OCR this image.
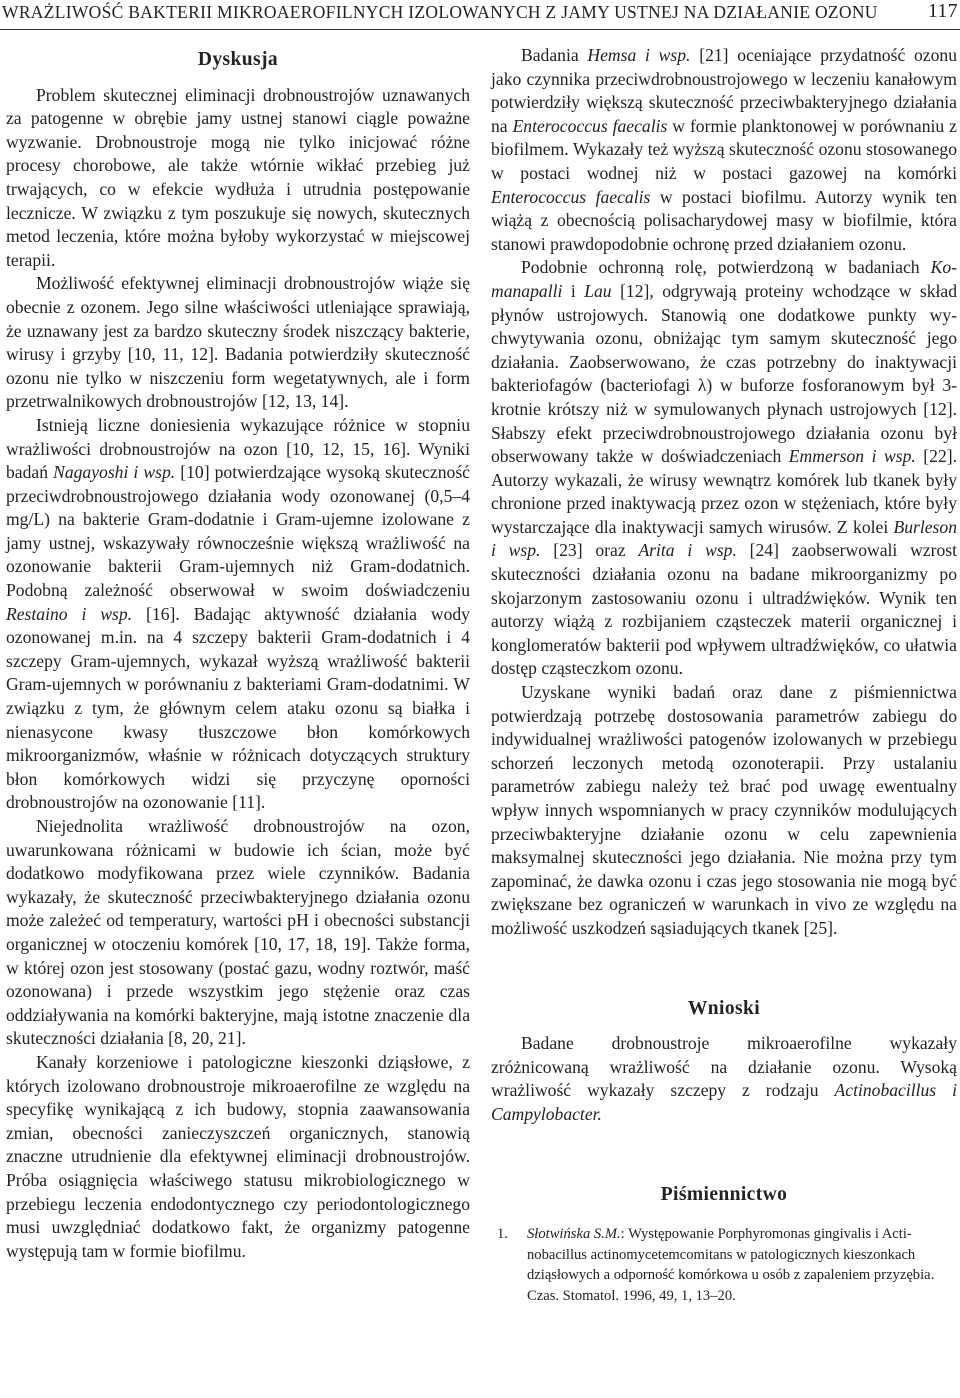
WRAŻLIWOŚĆ BAKTERII MIKROAEROFILNYCH IZOLOWANYCH Z JAMY USTNEJ NA DZIAŁANIE OZONU	117
Dyskusja

Problem skutecznej eliminacji drobnoustrojów uznawanych za patogenne w obrębie jamy ustnej stanowi ciągle poważne wyzwanie. Drobnoustroje mogą nie tylko inicjować różne procesy chorobowe, ale także wtórnie wikłać przebieg już trwających, co w efekcie wydłuża i utrudnia postępowanie lecznicze. W związku z tym poszukuje się nowych, skutecznych metod leczenia, które można byłoby wykorzystać w miejscowej terapii.

Możliwość efektywnej eliminacji drobnoustrojów wiąże się obecnie z ozonem. Jego silne właściwości utleniające sprawiają, że uznawany jest za bardzo skuteczny środek niszczący bakterie, wirusy i grzyby [10, 11, 12]. Badania potwierdziły skuteczność ozonu nie tylko w niszczeniu form wegetatywnych, ale i form przetrwalnikowych drobnoustrojów [12, 13, 14].

Istnieją liczne doniesienia wykazujące różnice w stopniu wrażliwości drobnoustrojów na ozon [10, 12, 15, 16]. Wyniki badań Nagayoshi i wsp. [10] potwierdzające wysoką skuteczność przeciwdrobnoustrojowego działania wody ozonowanej (0,5–4 mg/L) na bakterie Gram-dodatnie i Gram-ujemne izolowane z jamy ustnej, wskazywały równocześnie większą wrażliwość na ozonowanie bakterii Gram-ujemnych niż Gram-dodatnich. Podobną zależność obserwował w swoim doświadczeniu Restaino i wsp. [16]. Badając aktywność działania wody ozonowanej m.in. na 4 szczepy bakterii Gram-dodatnich i 4 szczepy Gram-ujemnych, wykazał wyższą wrażliwość bakterii Gram-ujemnych w porównaniu z bakteriami Gram-dodatnimi. W związku z tym, że głównym celem ataku ozonu są białka i nienasycone kwasy tłuszczowe błon komórkowych mikroorganizmów, właśnie w różnicach dotyczących struktury błon komórkowych widzi się przyczynę oporności drobnoustrojów na ozonowanie [11].

Niejednolita wrażliwość drobnoustrojów na ozon, uwarunkowana różnicami w budowie ich ścian, może być dodatkowo modyfikowana przez wiele czynników. Badania wykazały, że skuteczność przeciwbakteryjnego działania ozonu może zależeć od temperatury, wartości pH i obecności substancji organicznej w otoczeniu komórek [10, 17, 18, 19]. Także forma, w której ozon jest stosowany (postać gazu, wodny roztwór, maść ozonowana) i przede wszystkim jego stężenie oraz czas oddziaływania na komórki bakteryjne, mają istotne znaczenie dla skuteczności działania [8, 20, 21].

Kanały korzeniowe i patologiczne kieszonki dziąsłowe, z których izolowano drobnoustroje mikroaerofilne ze względu na specyfikę wynikającą z ich budowy, stopnia zaawansowania zmian, obecności zanieczyszczeń organicznych, stanowią znaczne utrudnienie dla efektywnej eliminacji drobnoustrojów. Próba osiągnięcia właściwego statusu mikrobiologicznego w przebiegu leczenia endodontycznego czy periodontologicznego musi uwzględniać dodatkowo fakt, że organizmy patogenne występują tam w formie biofilmu.

Badania Hemsa i wsp. [21] oceniające przydatność ozonu jako czynnika przeciwdrobnoustrojowego w leczeniu kanałowym potwierdziły większą skuteczność przeciwbakteryjnego działania na Enterococcus faecalis w formie planktonowej w porównaniu z biofilmem. Wykazały też wyższą skuteczność ozonu stosowanego w postaci wodnej niż w postaci gazowej na komórki Enterococcus faecalis w postaci biofilmu. Autorzy wynik ten wiążą z obecnością polisacharydowej masy w biofilmie, która stanowi prawdopodobnie ochronę przed działaniem ozonu.

Podobnie ochronną rolę, potwierdzoną w badaniach Komanapalli i Lau [12], odgrywają proteiny wchodzące w skład płynów ustrojowych. Stanowią one dodatkowe punkty wychwytywania ozonu, obniżając tym samym skuteczność jego działania. Zaobserwowano, że czas potrzebny do inaktywacji bakteriofagów (bacteriofagi λ) w buforze fosforanowym był 3-krotnie krótszy niż w symulowanych płynach ustrojowych [12]. Słabszy efekt przeciwdrobnoustrojowego działania ozonu był obserwowany także w doświadczeniach Emmerson i wsp. [22]. Autorzy wykazali, że wirusy wewnątrz komórek lub tkanek były chronione przed inaktywacją przez ozon w stężeniach, które były wystarczające dla inaktywacji samych wirusów. Z kolei Burleson i wsp. [23] oraz Arita i wsp. [24] zaobserwowali wzrost skuteczności działania ozonu na badane mikroorganizmy po skojarzonym zastosowaniu ozonu i ultradźwięków. Wynik ten autorzy wiążą z rozbijaniem cząsteczek materii organicznej i konglomeratów bakterii pod wpływem ultradźwięków, co ułatwia dostęp cząsteczkom ozonu.

Uzyskane wyniki badań oraz dane z piśmiennictwa potwierdzają potrzebę dostosowania parametrów zabiegu do indywidualnej wrażliwości patogenów izolowanych w przebiegu schorzeń leczonych metodą ozonoterapii. Przy ustalaniu parametrów zabiegu należy też brać pod uwagę ewentualny wpływ innych wspomnianych w pracy czynników modulujących przeciwbakteryjne działanie ozonu w celu zapewnienia maksymalnej skuteczności jego działania. Nie można przy tym zapominać, że dawka ozonu i czas jego stosowania nie mogą być zwiększane bez ograniczeń w warunkach in vivo ze względu na możliwość uszkodzeń sąsiadujących tkanek [25].

Wnioski

Badane drobnoustroje mikroaerofilne wykazały zróżnicowaną wrażliwość na działanie ozonu. Wysoką wrażliwość wykazały szczepy z rodzaju Actinobacillus i Campylobacter.

Piśmiennictwo
1.	Słotwińska S.M.: Występowanie Porphyromonas gingivalis i Actinobacillus actinomycetemcomitans w patologicznych kieszonkach dziąsłowych a odporność komórkowa u osób z zapaleniem przyzębia. Czas. Stomatol. 1996, 49, 1, 13–20.
